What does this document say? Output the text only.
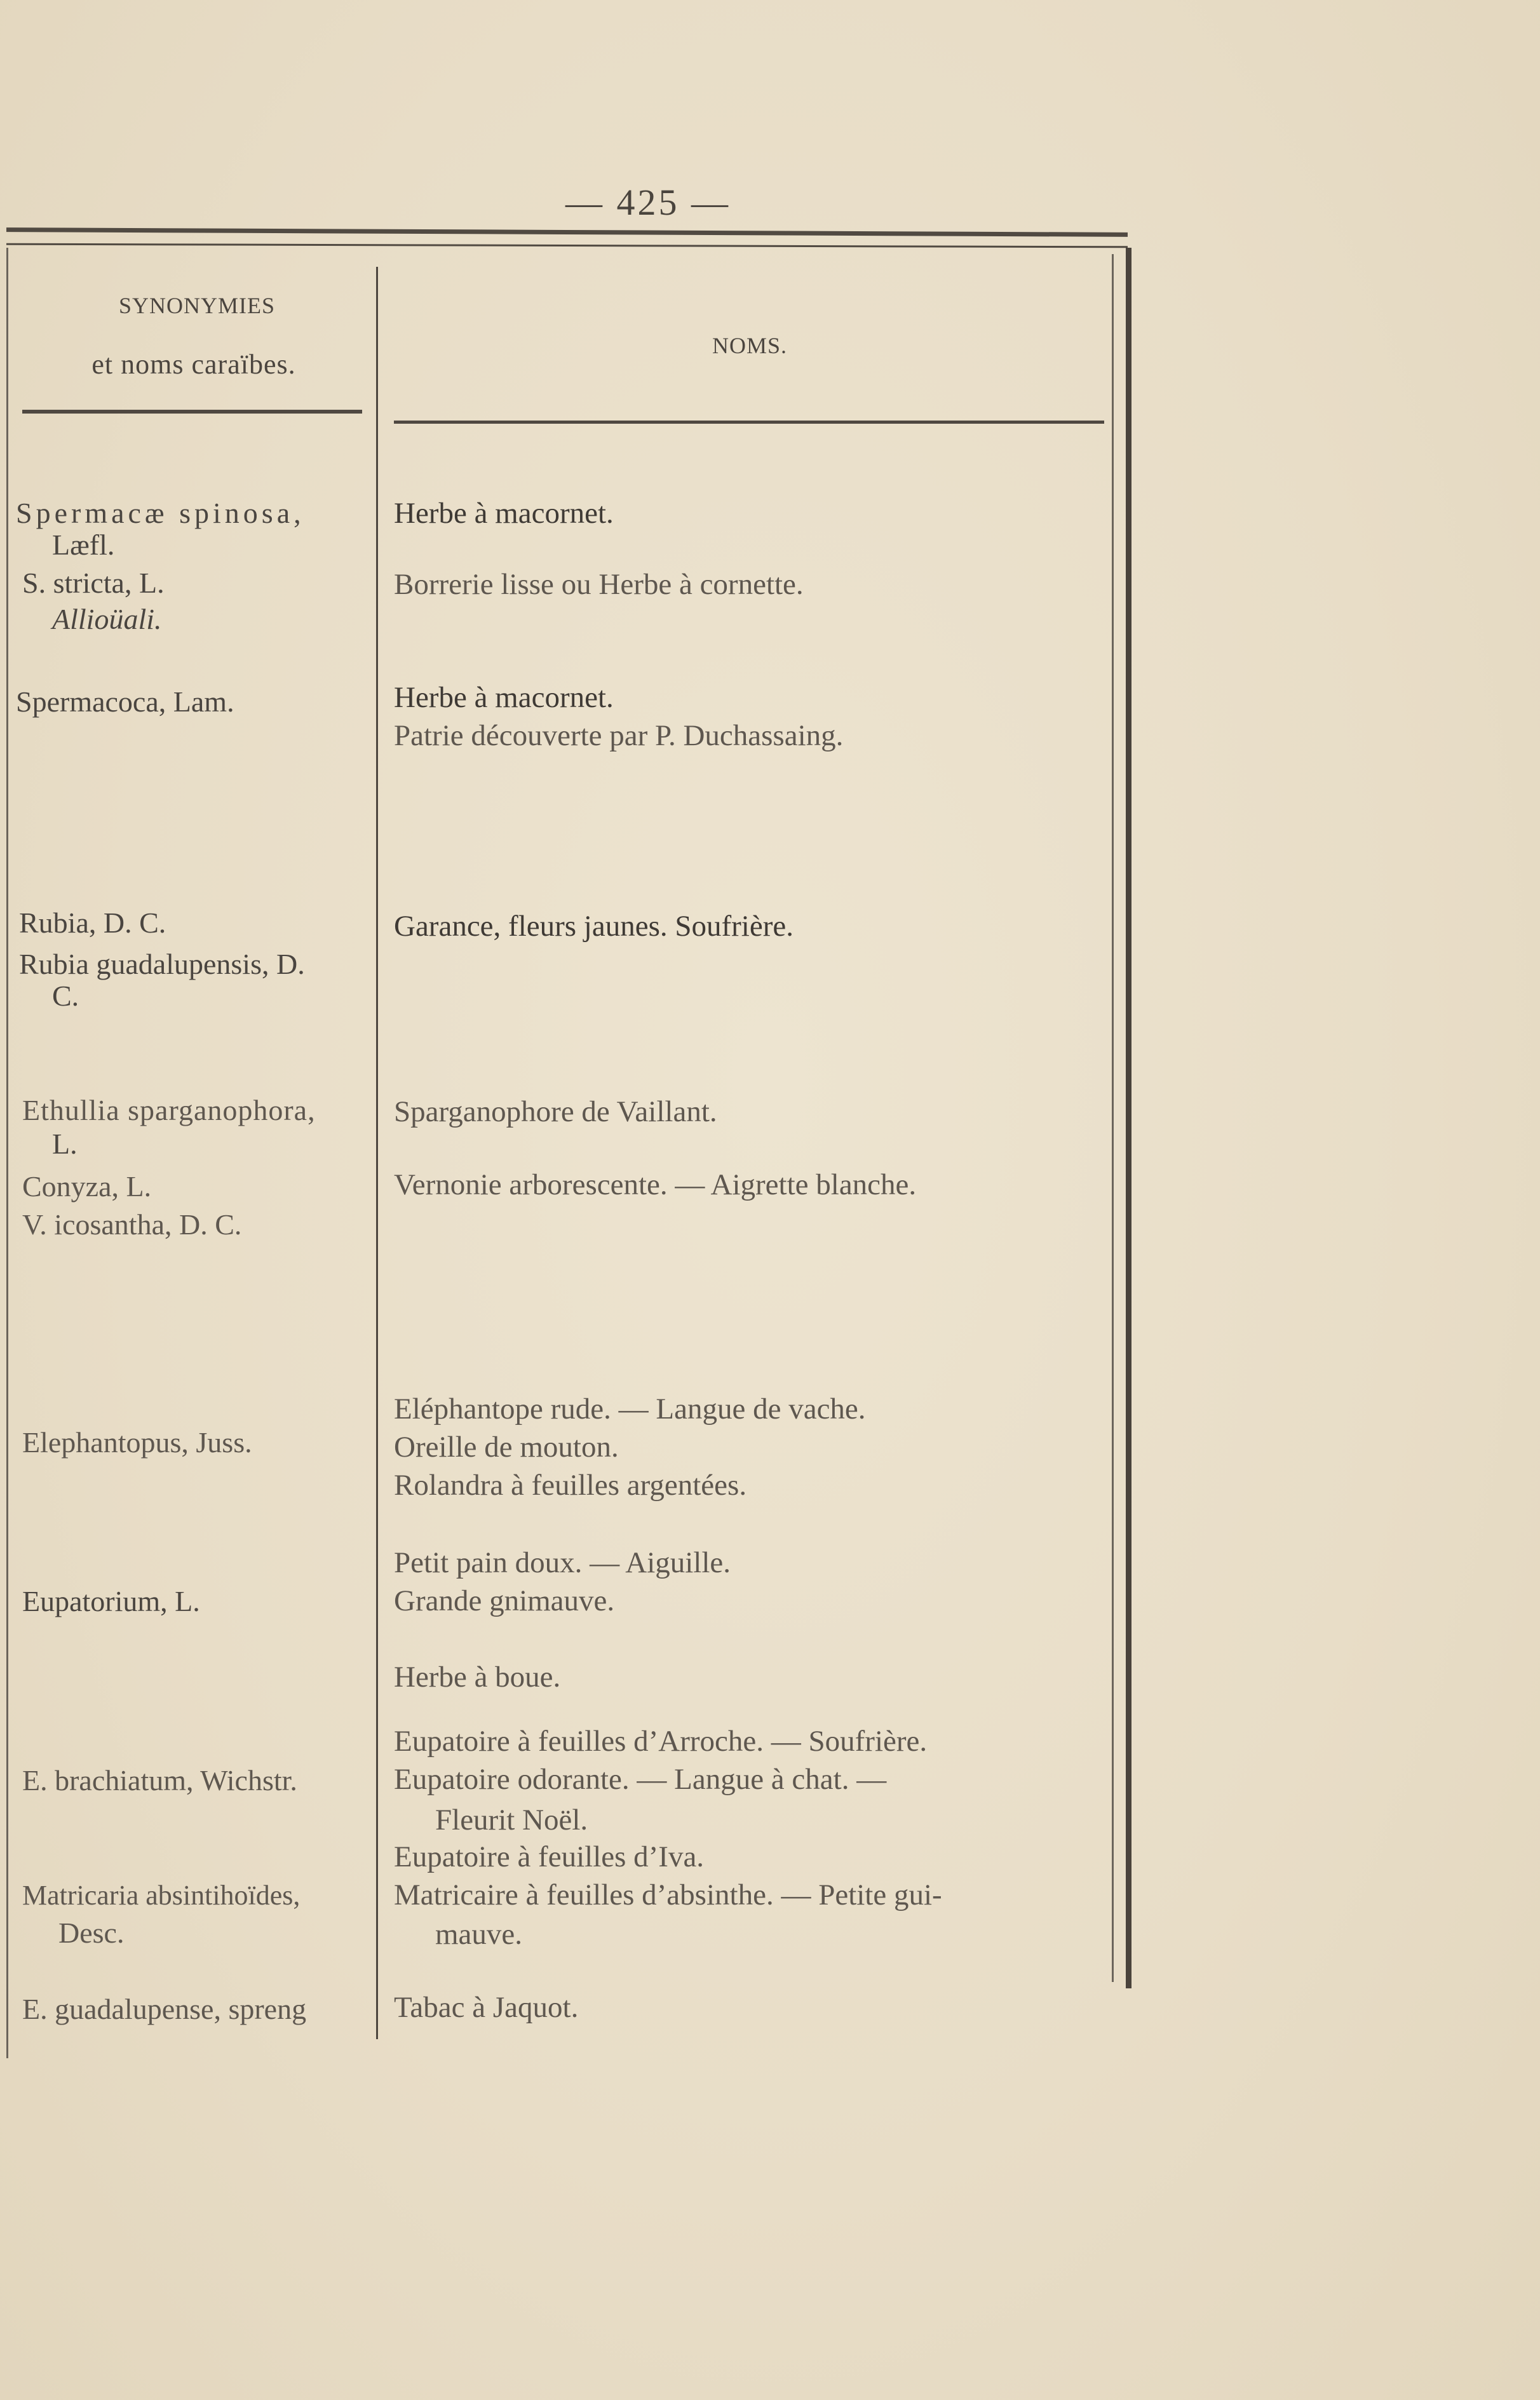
— 425 —
SYNONYMIES
et noms caraïbes.
NOMS.
Spermacæ spinosa,
Læfl.
S. stricta, L.
Allioüali.
Spermacoca, Lam.
Rubia, D. C.
Rubia guadalupensis, D.
C.
Ethullia sparganophora,
L.
Conyza, L.
V. icosantha, D. C.
Elephantopus, Juss.
Eupatorium, L.
E. brachiatum, Wichstr.
Matricaria absintihoïdes,
Desc.
E. guadalupense, spreng
Herbe à macornet.
Borrerie lisse ou Herbe à cornette.
Herbe à macornet.
Patrie découverte par P. Duchassaing.
Garance, fleurs jaunes. Soufrière.
Sparganophore de Vaillant.
Vernonie arborescente. — Aigrette blanche.
Eléphantope rude. — Langue de vache.
Oreille de mouton.
Rolandra à feuilles argentées.
Petit pain doux. — Aiguille.
Grande gnimauve.
Herbe à boue.
Eupatoire à feuilles d’Arroche. — Soufrière.
Eupatoire odorante. — Langue à chat. —
Fleurit Noël.
Eupatoire à feuilles d’Iva.
Matricaire à feuilles d’absinthe. — Petite gui-
mauve.
Tabac à Jaquot.
